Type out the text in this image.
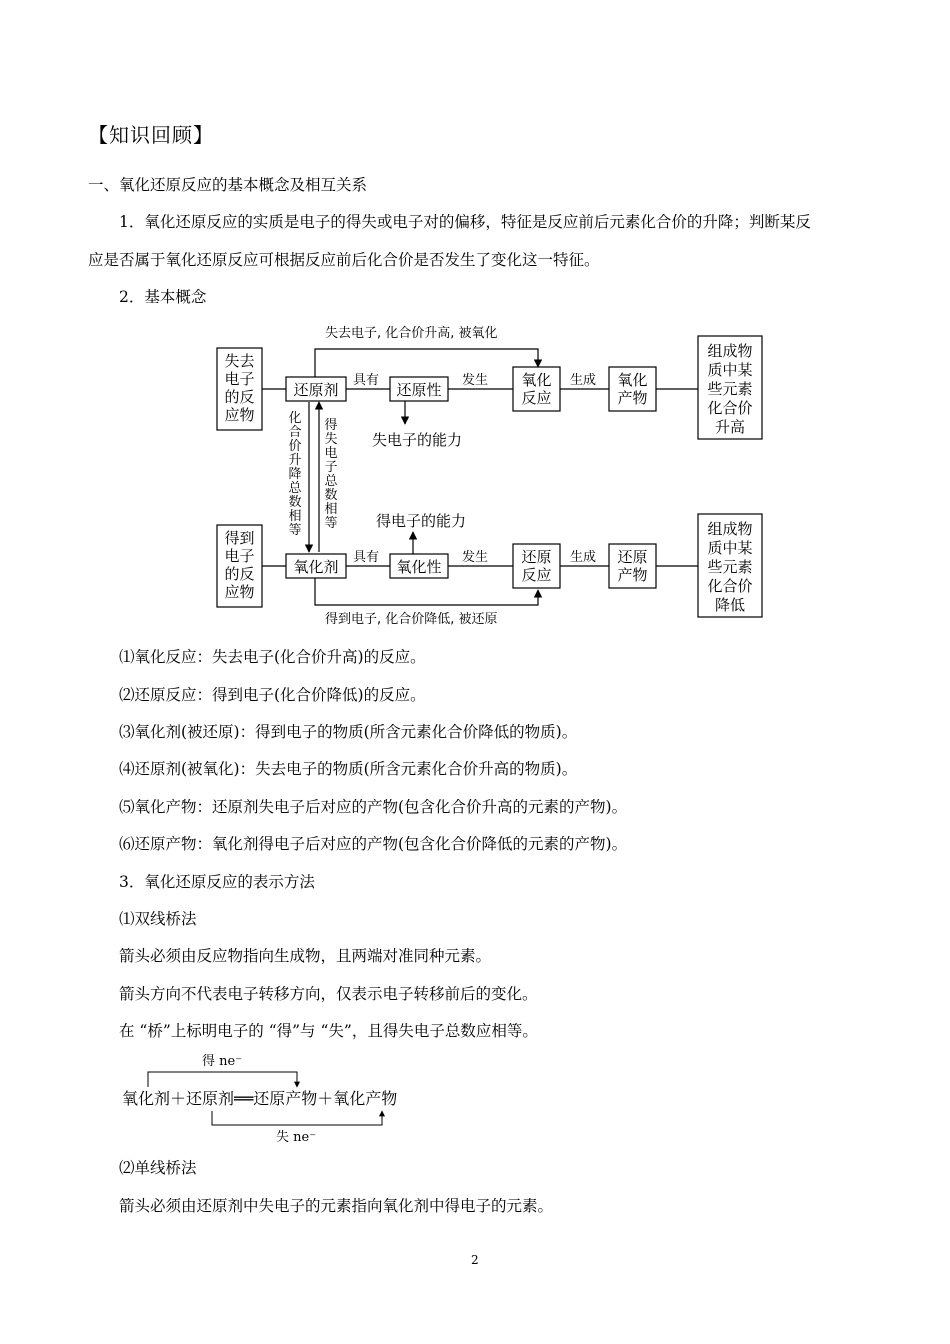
【知识回顾】
一、氧化还原反应的基本概念及相互关系
1．氧化还原反应的实质是电子的得失或电子对的偏移，特征是反应前后元素化合价的升降；判断某反
应是否属于氧化还原反应可根据反应前后化合价是否发生了变化这一特征。
2．基本概念
失去电子, 化合价升高, 被氧化
失去
电子
的反
应物
还原剂
具有
还原性
失电子的能力
发生 氧化
反应
生成 氧化
产物
组成物
质中某
些元素
化合价
升高
化
合
价
升
降
总
数
相
等
得
失
电
子
总
数
相
等
得到
电子
的反
应物
氧化剂
具有
氧化性
得电子的能力
发生 还原
反应
生成 还原
产物
组成物
质中某
些元素
化合价
降低
得到电子, 化合价降低, 被还原
⑴氧化反应：失去电子(化合价升高)的反应。
⑵还原反应：得到电子(化合价降低)的反应。
⑶氧化剂(被还原)：得到电子的物质(所含元素化合价降低的物质)。
⑷还原剂(被氧化)：失去电子的物质(所含元素化合价升高的物质)。
⑸氧化产物：还原剂失电子后对应的产物(包含化合价升高的元素的产物)。
⑹还原产物：氧化剂得电子后对应的产物(包含化合价降低的元素的产物)。
3．氧化还原反应的表示方法
⑴双线桥法
箭头必须由反应物指向生成物，且两端对准同种元素。
箭头方向不代表电子转移方向，仅表示电子转移前后的变化。
在 “桥”上标明电子的 “得”与 “失”，且得失电子总数应相等。
得 ne⁻
氧化剂＋还原剂══还原产物＋氧化产物
失 ne⁻
⑵单线桥法
箭头必须由还原剂中失电子的元素指向氧化剂中得电子的元素。
2
